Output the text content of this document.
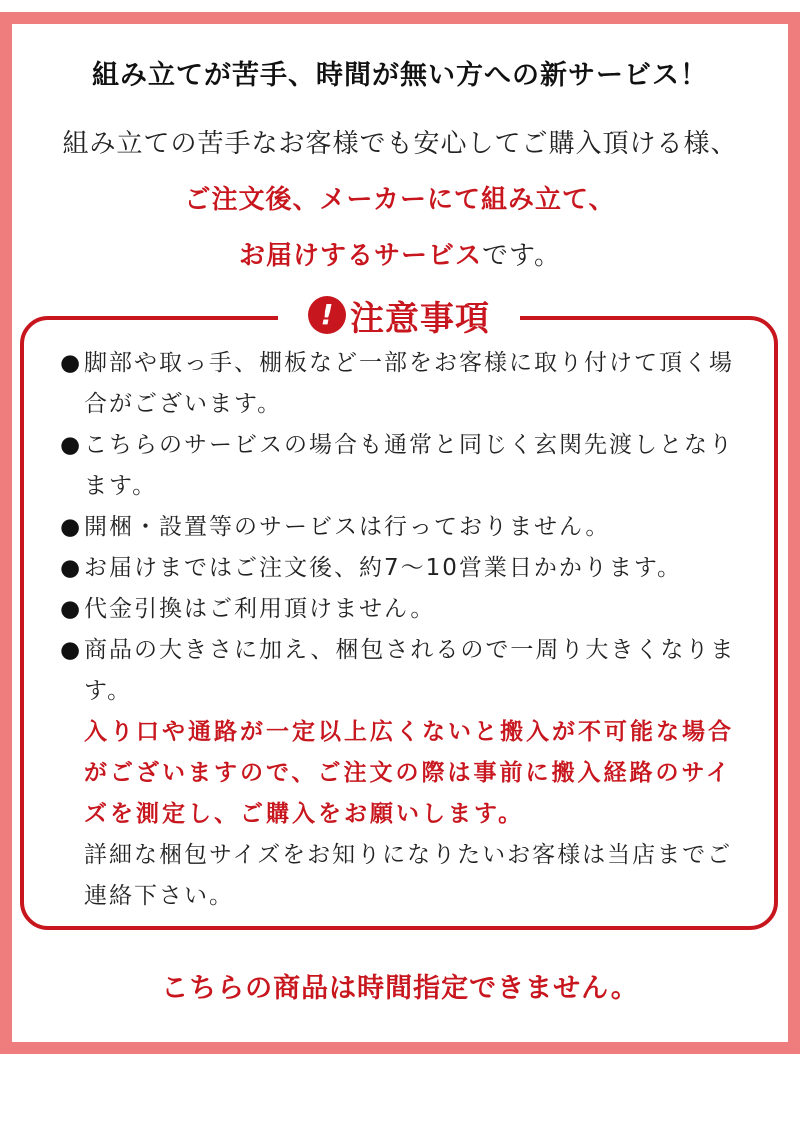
組み立てが苦手、時間が無い方への新サービス！
組み立ての苦手なお客様でも安心してご購入頂ける様、
ご注文後、メーカーにて組み立て、
お届けするサービスです。
! 注意事項
● 脚部や取っ手、棚板など一部をお客様に取り付けて頂く場合がございます。
● こちらのサービスの場合も通常と同じく玄関先渡しとなります。
● 開梱・設置等のサービスは行っておりません。
● お届けまではご注文後、約7～10営業日かかります。
● 代金引換はご利用頂けません。
● 商品の大きさに加え、梱包されるので一周り大きくなります。
入り口や通路が一定以上広くないと搬入が不可能な場合がございますので、ご注文の際は事前に搬入経路のサイズを測定し、ご購入をお願いします。
詳細な梱包サイズをお知りになりたいお客様は当店までご連絡下さい。
こちらの商品は時間指定できません。
